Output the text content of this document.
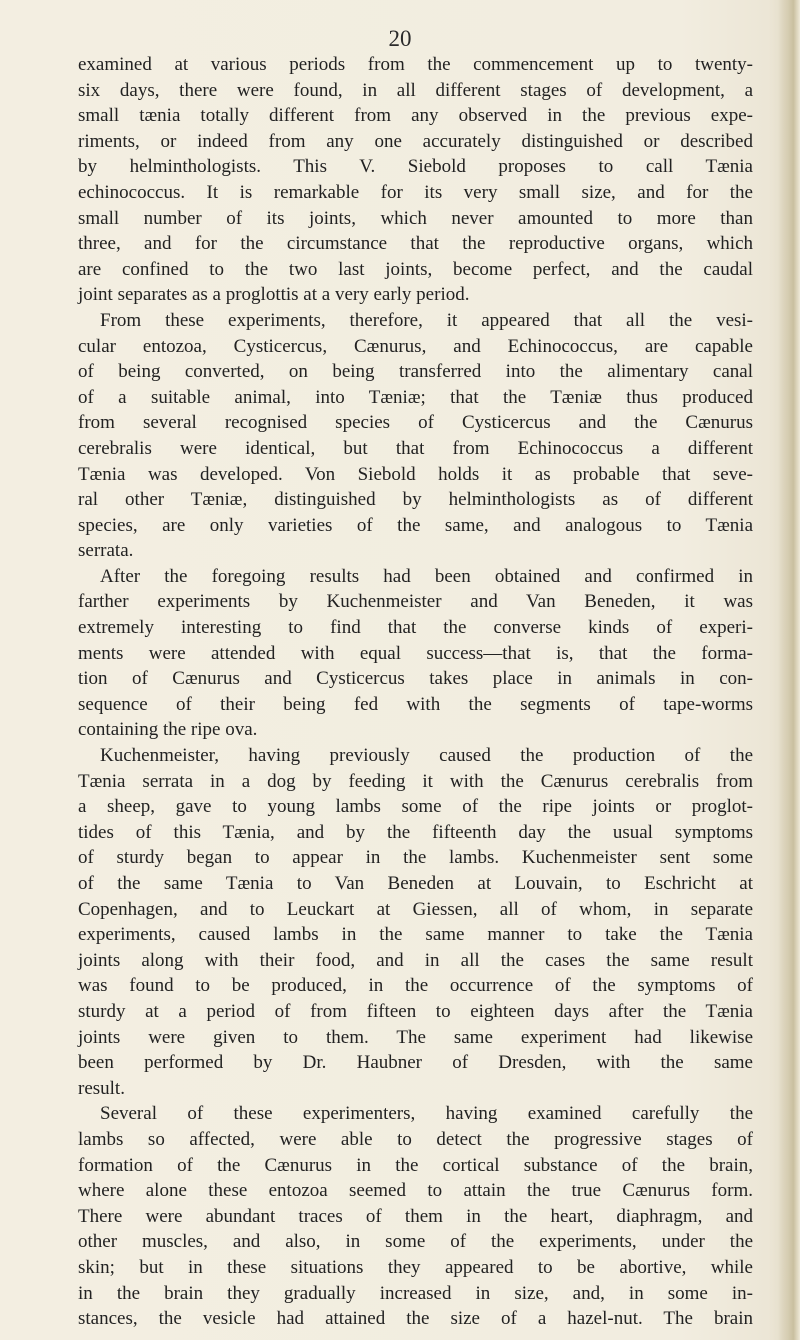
20
examined at various periods from the commencement up to twenty-
six days, there were found, in all different stages of development, a
small tænia totally different from any observed in the previous expe-
riments, or indeed from any one accurately distinguished or described
by helminthologists. This V. Siebold proposes to call Tænia
echinococcus. It is remarkable for its very small size, and for the
small number of its joints, which never amounted to more than
three, and for the circumstance that the reproductive organs, which
are confined to the two last joints, become perfect, and the caudal
joint separates as a proglottis at a very early period.
From these experiments, therefore, it appeared that all the vesi-
cular entozoa, Cysticercus, Cænurus, and Echinococcus, are capable
of being converted, on being transferred into the alimentary canal
of a suitable animal, into Tæniæ; that the Tæniæ thus produced
from several recognised species of Cysticercus and the Cænurus
cerebralis were identical, but that from Echinococcus a different
Tænia was developed. Von Siebold holds it as probable that seve-
ral other Tæniæ, distinguished by helminthologists as of different
species, are only varieties of the same, and analogous to Tænia
serrata.
After the foregoing results had been obtained and confirmed in
farther experiments by Kuchenmeister and Van Beneden, it was
extremely interesting to find that the converse kinds of experi-
ments were attended with equal success—that is, that the forma-
tion of Cænurus and Cysticercus takes place in animals in con-
sequence of their being fed with the segments of tape-worms
containing the ripe ova.
Kuchenmeister, having previously caused the production of the
Tænia serrata in a dog by feeding it with the Cænurus cerebralis from
a sheep, gave to young lambs some of the ripe joints or proglot-
tides of this Tænia, and by the fifteenth day the usual symptoms
of sturdy began to appear in the lambs. Kuchenmeister sent some
of the same Tænia to Van Beneden at Louvain, to Eschricht at
Copenhagen, and to Leuckart at Giessen, all of whom, in separate
experiments, caused lambs in the same manner to take the Tænia
joints along with their food, and in all the cases the same result
was found to be produced, in the occurrence of the symptoms of
sturdy at a period of from fifteen to eighteen days after the Tænia
joints were given to them. The same experiment had likewise
been performed by Dr. Haubner of Dresden, with the same
result.
Several of these experimenters, having examined carefully the
lambs so affected, were able to detect the progressive stages of
formation of the Cænurus in the cortical substance of the brain,
where alone these entozoa seemed to attain the true Cænurus form.
There were abundant traces of them in the heart, diaphragm, and
other muscles, and also, in some of the experiments, under the
skin; but in these situations they appeared to be abortive, while
in the brain they gradually increased in size, and, in some in-
stances, the vesicle had attained the size of a hazel-nut. The brain
